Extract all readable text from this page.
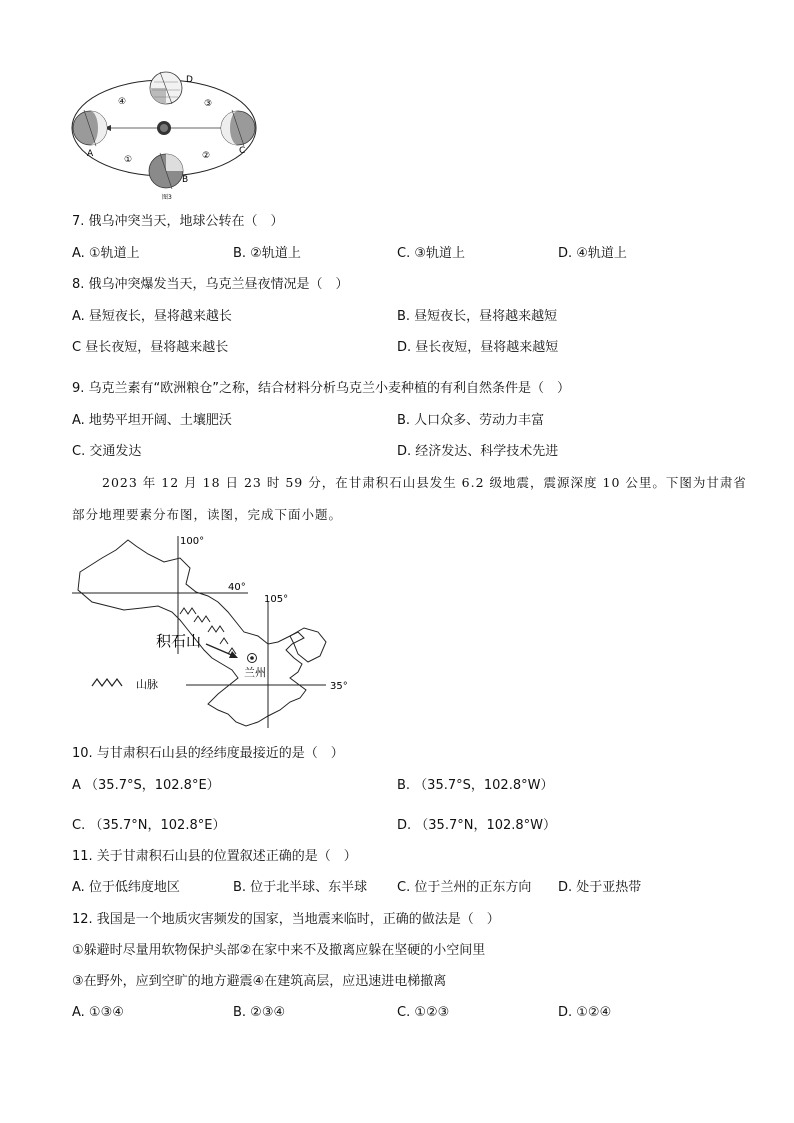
A
B
C
D
①	②
③
④
图3
7. 俄乌冲突当天，地球公转在（　）
A. ①轨道上	B. ②轨道上	C. ③轨道上	D. ④轨道上
8. 俄乌冲突爆发当天，乌克兰昼夜情况是（　）
A. 昼短夜长，昼将越来越长	B. 昼短夜长，昼将越来越短
C 昼长夜短，昼将越来越长	D. 昼长夜短，昼将越来越短
9. 乌克兰素有“欧洲粮仓”之称，结合材料分析乌克兰小麦种植的有利自然条件是（　）
A. 地势平坦开阔、土壤肥沃	B. 人口众多、劳动力丰富
C. 交通发达	D. 经济发达、科学技术先进
2023 年 12 月 18 日 23 时 59 分，在甘肃积石山县发生 6.2 级地震，震源深度 10 公里。下图为甘肃省
部分地理要素分布图，读图，完成下面小题。
100°
40°
105°
35°
积石山
兰州
山脉
10. 与甘肃积石山县的经纬度最接近的是（　）
A （35.7°S，102.8°E）	B. （35.7°S，102.8°W）
C. （35.7°N，102.8°E）	D. （35.7°N，102.8°W）
11. 关于甘肃积石山县的位置叙述正确的是（　）
A. 位于低纬度地区	B. 位于北半球、东半球 C. 位于兰州的正东方向 D. 处于亚热带
12. 我国是一个地质灾害频发的国家，当地震来临时，正确的做法是（　）
①躲避时尽量用软物保护头部②在家中来不及撤离应躲在坚硬的小空间里
③在野外，应到空旷的地方避震④在建筑高层，应迅速进电梯撤离
A. ①③④	B. ②③④	C. ①②③	D. ①②④
